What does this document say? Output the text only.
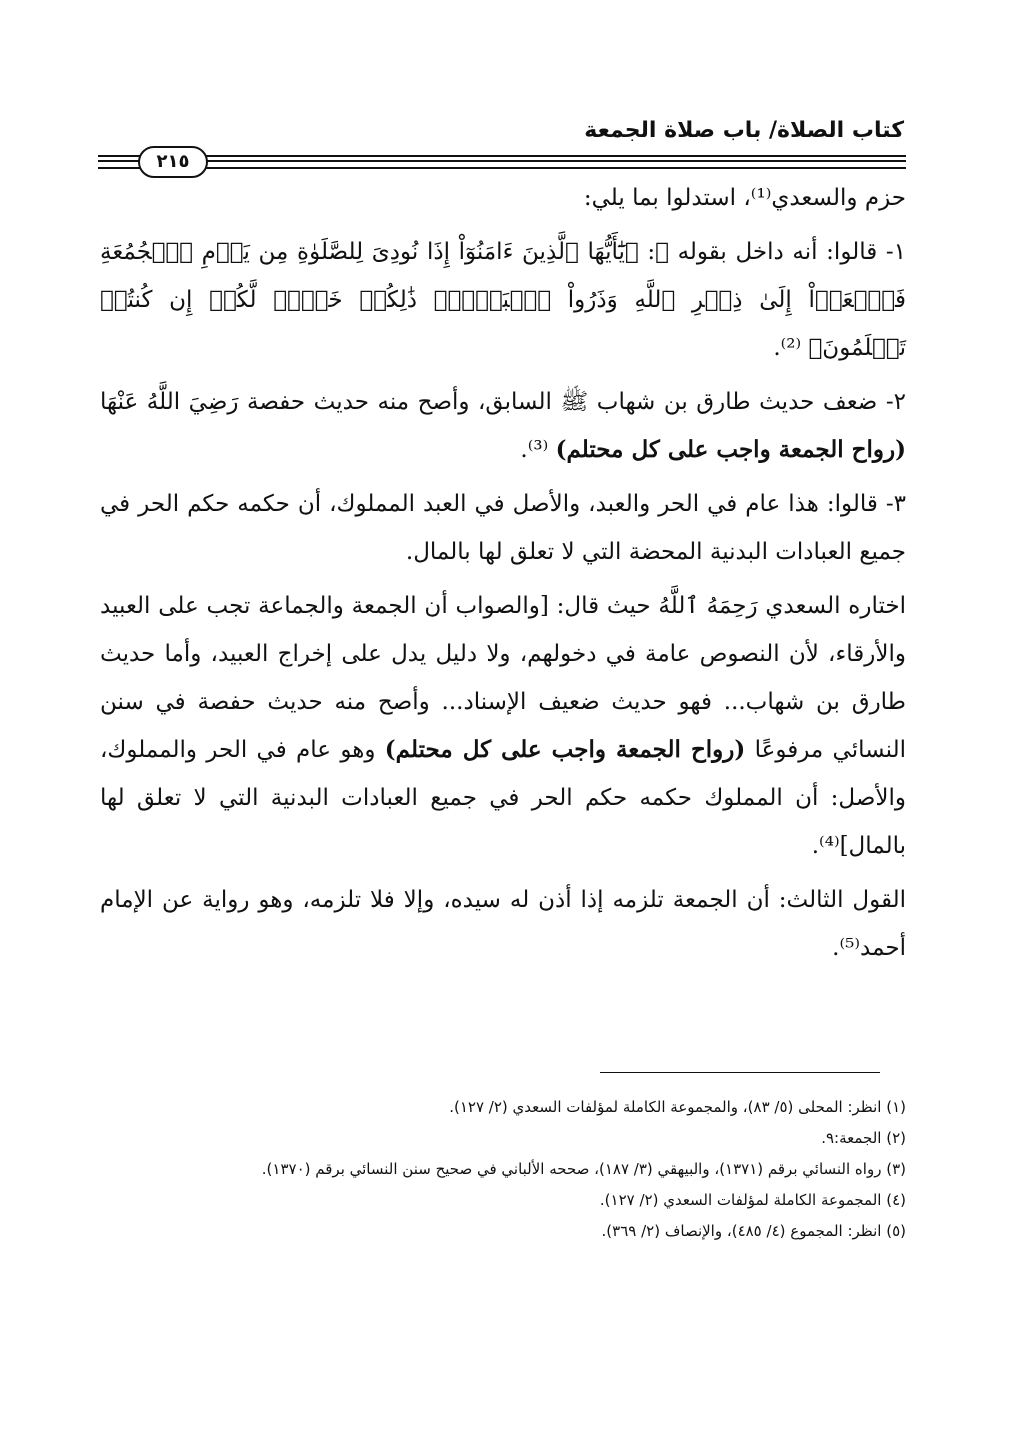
كتاب الصلاة/ باب صلاة الجمعة
٢١٥

حزم والسعدي⁽¹⁾، استدلوا بما يلي:

١- قالوا: أنه داخل بقوله ﷻ: ﴿يَٰٓأَيُّهَا ٱلَّذِينَ ءَامَنُوٓاْ إِذَا نُودِىَ لِلصَّلَوٰةِ مِن يَوۡمِ ٱلۡجُمُعَةِ فَٱسۡعَوۡاْ إِلَىٰ ذِكۡرِ ٱللَّهِ وَذَرُواْ ٱلۡبَيۡعَۚ ذَٰلِكُمۡ خَيۡرٞ لَّكُمۡ إِن كُنتُمۡ تَعۡلَمُونَ﴾ ⁽²⁾.

٢- ضعف حديث طارق بن شهاب ﷺ السابق، وأصح منه حديث حفصة رَضِيَ اللَّهُ عَنْهَا (رواح الجمعة واجب على كل محتلم) ⁽³⁾.

٣- قالوا: هذا عام في الحر والعبد، والأصل في العبد المملوك، أن حكمه حكم الحر في جميع العبادات البدنية المحضة التي لا تعلق لها بالمال.

اختاره السعدي رَحِمَهُ ٱللَّهُ حيث قال: [والصواب أن الجمعة والجماعة تجب على العبيد والأرقاء، لأن النصوص عامة في دخولهم، ولا دليل يدل على إخراج العبيد، وأما حديث طارق بن شهاب... فهو حديث ضعيف الإسناد... وأصح منه حديث حفصة في سنن النسائي مرفوعًا (رواح الجمعة واجب على كل محتلم) وهو عام في الحر والمملوك، والأصل: أن المملوك حكمه حكم الحر في جميع العبادات البدنية التي لا تعلق لها بالمال]⁽⁴⁾.

القول الثالث: أن الجمعة تلزمه إذا أذن له سيده، وإلا فلا تلزمه، وهو رواية عن الإمام أحمد⁽⁵⁾.

(١) انظر: المحلى (٥/ ٨٣)، والمجموعة الكاملة لمؤلفات السعدي (٢/ ١٢٧).
(٢) الجمعة:٩.
(٣) رواه النسائي برقم (١٣٧١)، والبيهقي (٣/ ١٨٧)، صححه الألباني في صحيح سنن النسائي برقم (١٣٧٠).
(٤) المجموعة الكاملة لمؤلفات السعدي (٢/ ١٢٧).
(٥) انظر: المجموع (٤/ ٤٨٥)، والإنصاف (٢/ ٣٦٩).
